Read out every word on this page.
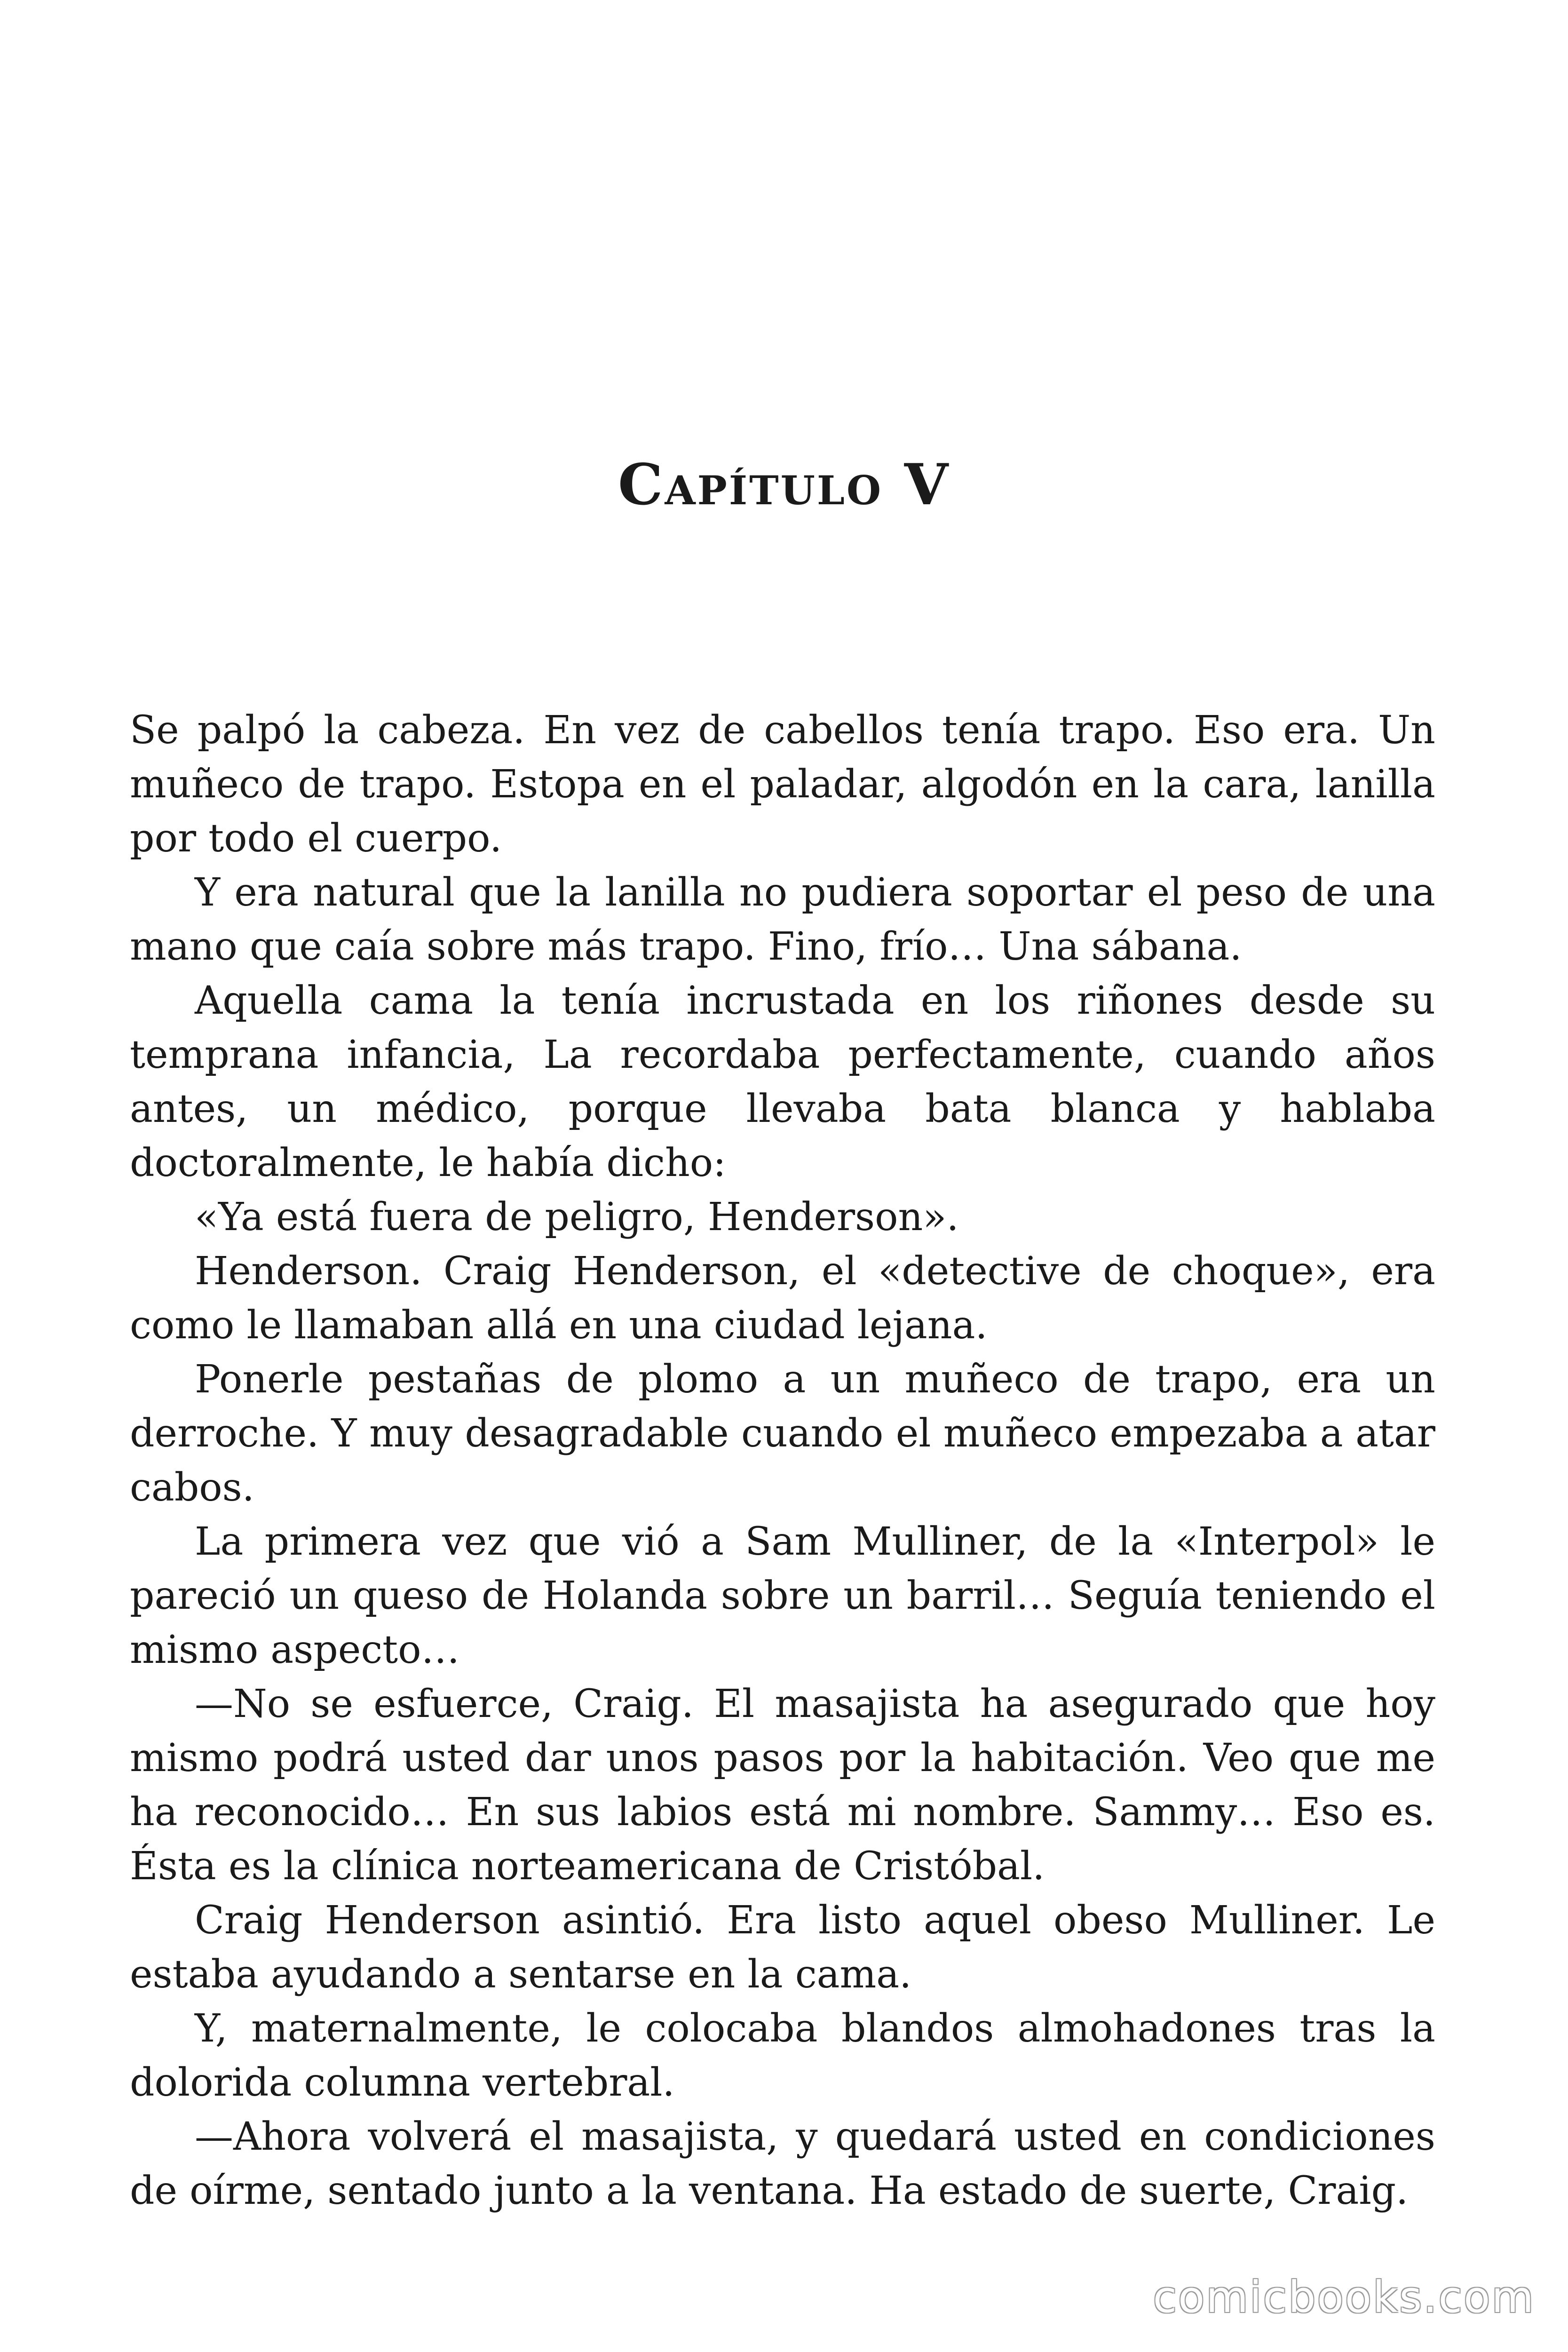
Capítulo V

Se palpó la cabeza. En vez de cabellos tenía trapo. Eso era. Un muñeco de trapo. Estopa en el paladar, algodón en la cara, lanilla por todo el cuerpo.

Y era natural que la lanilla no pudiera soportar el peso de una mano que caía sobre más trapo. Fino, frío… Una sábana.

Aquella cama la tenía incrustada en los riñones desde su temprana infancia, La recordaba perfectamente, cuando años antes, un médico, porque llevaba bata blanca y hablaba doctoralmente, le había dicho:

«Ya está fuera de peligro, Henderson».

Henderson. Craig Henderson, el «detective de choque», era como le llamaban allá en una ciudad lejana.

Ponerle pestañas de plomo a un muñeco de trapo, era un derroche. Y muy desagradable cuando el muñeco empezaba a atar cabos.

La primera vez que vió a Sam Mulliner, de la «Interpol» le pareció un queso de Holanda sobre un barril… Seguía teniendo el mismo aspecto…

—No se esfuerce, Craig. El masajista ha asegurado que hoy mismo podrá usted dar unos pasos por la habitación. Veo que me ha reconocido… En sus labios está mi nombre. Sammy… Eso es. Ésta es la clínica norteamericana de Cristóbal.

Craig Henderson asintió. Era listo aquel obeso Mulliner. Le estaba ayudando a sentarse en la cama.

Y, maternalmente, le colocaba blandos almohadones tras la dolorida columna vertebral.

—Ahora volverá el masajista, y quedará usted en condiciones de oírme, sentado junto a la ventana. Ha estado de suerte, Craig.

comicbooks.com
